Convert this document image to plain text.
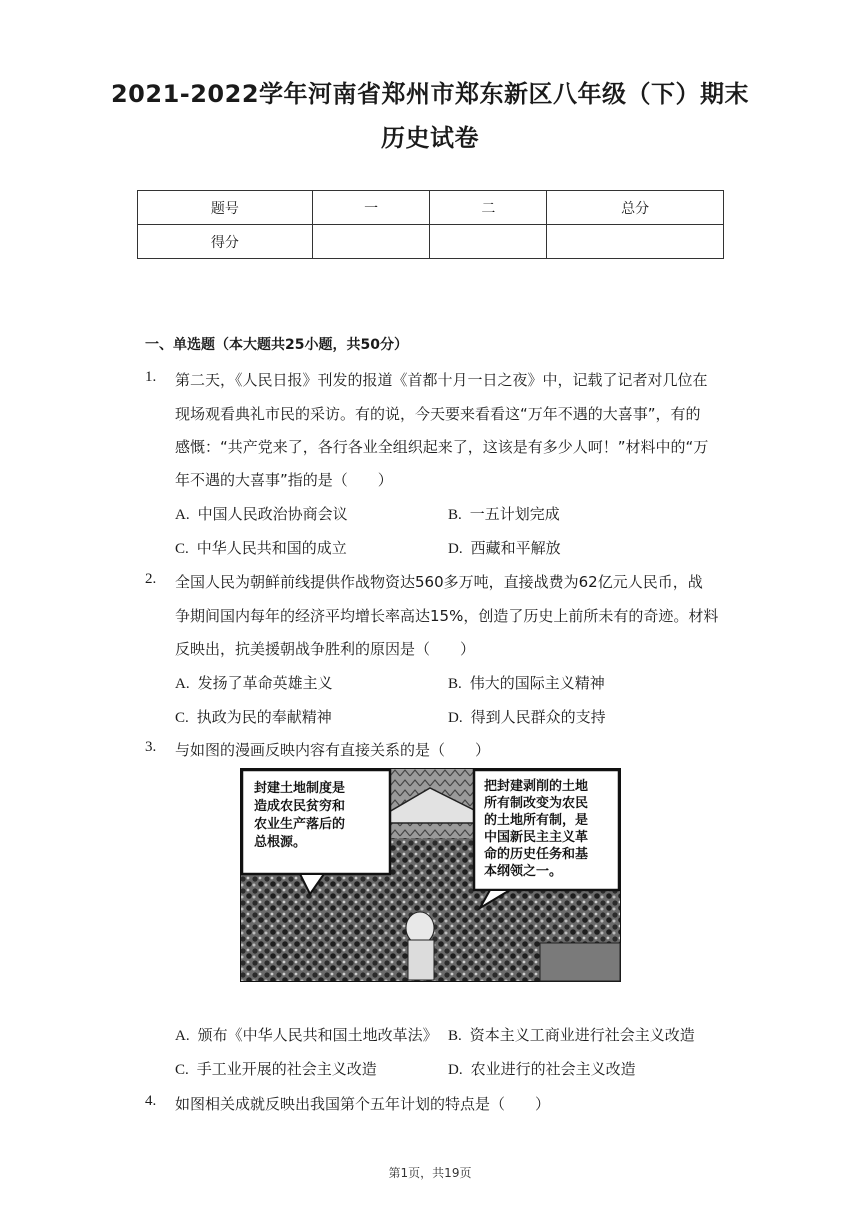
2021-2022学年河南省郑州市郑东新区八年级（下）期末
历史试卷
题号	一	二	总分
得分			
一、单选题（本大题共25小题，共50分）
1. 第二天，《人民日报》刊发的报道《首都十月一日之夜》中，记载了记者对几位在
现场观看典礼市民的采访。有的说，今天要来看看这“万年不遇的大喜事”，有的
感慨：“共产党来了，各行各业全组织起来了，这该是有多少人呵！”材料中的“万
年不遇的大喜事”指的是（　　）
A. 中国人民政治协商会议	B. 一五计划完成
C. 中华人民共和国的成立	D. 西藏和平解放
2. 全国人民为朝鲜前线提供作战物资达560多万吨，直接战费为62亿元人民币，战
争期间国内每年的经济平均增长率高达15%，创造了历史上前所未有的奇迹。材料
反映出，抗美援朝战争胜利的原因是（　　）
A. 发扬了革命英雄主义	B. 伟大的国际主义精神
C. 执政为民的奉献精神	D. 得到人民群众的支持
3. 与如图的漫画反映内容有直接关系的是（　　）
封建土地制度是
造成农民贫穷和
农业生产落后的
总根源。
把封建剥削的土地
所有制改变为农民
的土地所有制，是
中国新民主主义革
命的历史任务和基
本纲领之一。
A. 颁布《中华人民共和国土地改革法》 B. 资本主义工商业进行社会主义改造
C. 手工业开展的社会主义改造	D. 农业进行的社会主义改造
4. 如图相关成就反映出我国第个五年计划的特点是（　　）
第1页，共19页
